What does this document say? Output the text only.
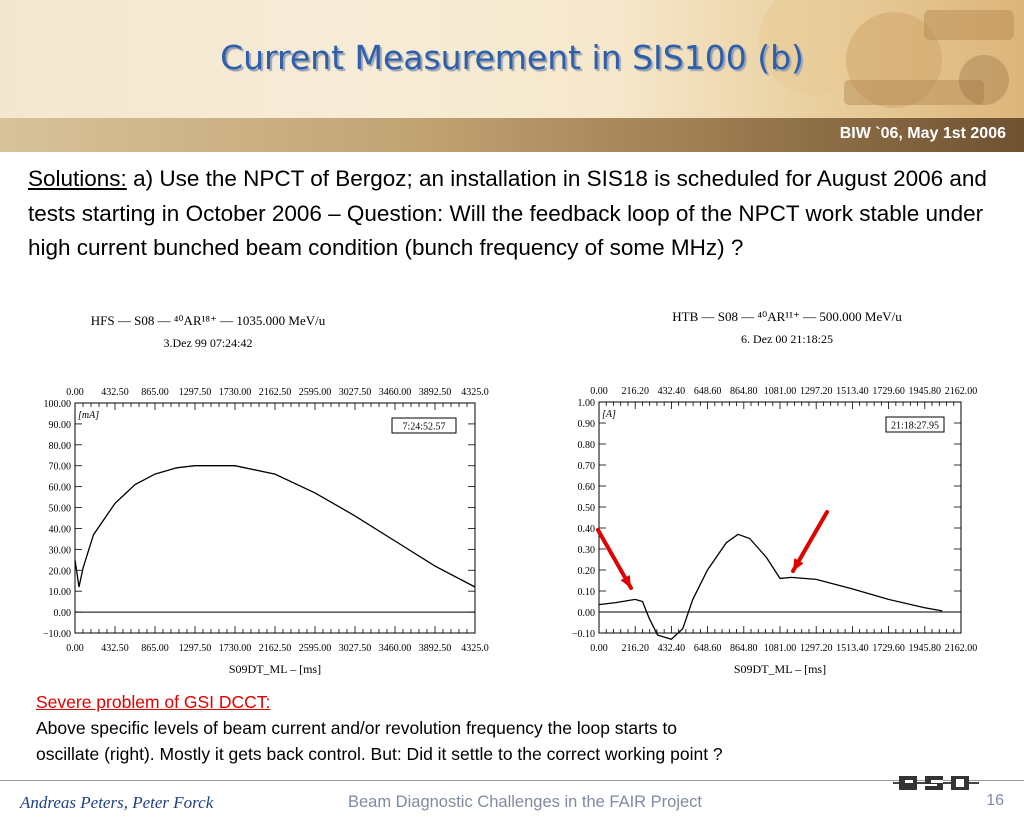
Current Measurement in SIS100 (b)
BIW `06, May 1st 2006
Solutions: a) Use the NPCT of Bergoz; an installation in SIS18 is scheduled for August 2006 and tests starting in October 2006 – Question: Will the feedback loop of the NPCT work stable under high current bunched beam condition (bunch frequency of some MHz) ?
HFS — S08 — ⁴⁰AR¹⁸⁺ — 1035.000 MeV/u
3.Dez 99 07:24:42
0.00
0.00
432.50
432.50
865.00
865.00
1297.50
1297.50
1730.00
1730.00
2162.50
2162.50
2595.00
2595.00
3027.50
3027.50
3460.00
3460.00
3892.50
3892.50
4325.0
4325.0
100.00
90.00
80.00
70.00
60.00
50.00
40.00
30.00
20.00
10.00
0.00
−10.00
[mA]
7:24:52.57
S09DT_ML – [ms]
HTB — S08 — ⁴⁰AR¹¹⁺ — 500.000 MeV/u
6. Dez 00 21:18:25
0.00
0.00
216.20
216.20
432.40
432.40
648.60
648.60
864.80
864.80
1081.00
1081.00
1297.20
1297.20
1513.40
1513.40
1729.60
1729.60
1945.80
1945.80
2162.00
2162.00
1.00
0.90
0.80
0.70
0.60
0.50
0.40
0.30
0.20
0.10
0.00
−0.10
[A]
21:18:27.95
S09DT_ML – [ms]
Severe problem of GSI DCCT:
Above specific levels of beam current and/or revolution frequency the loop starts to
oscillate (right). Mostly it gets back control. But: Did it settle to the correct working point ?
Andreas Peters, Peter Forck	Beam Diagnostic Challenges in the FAIR Project	16
